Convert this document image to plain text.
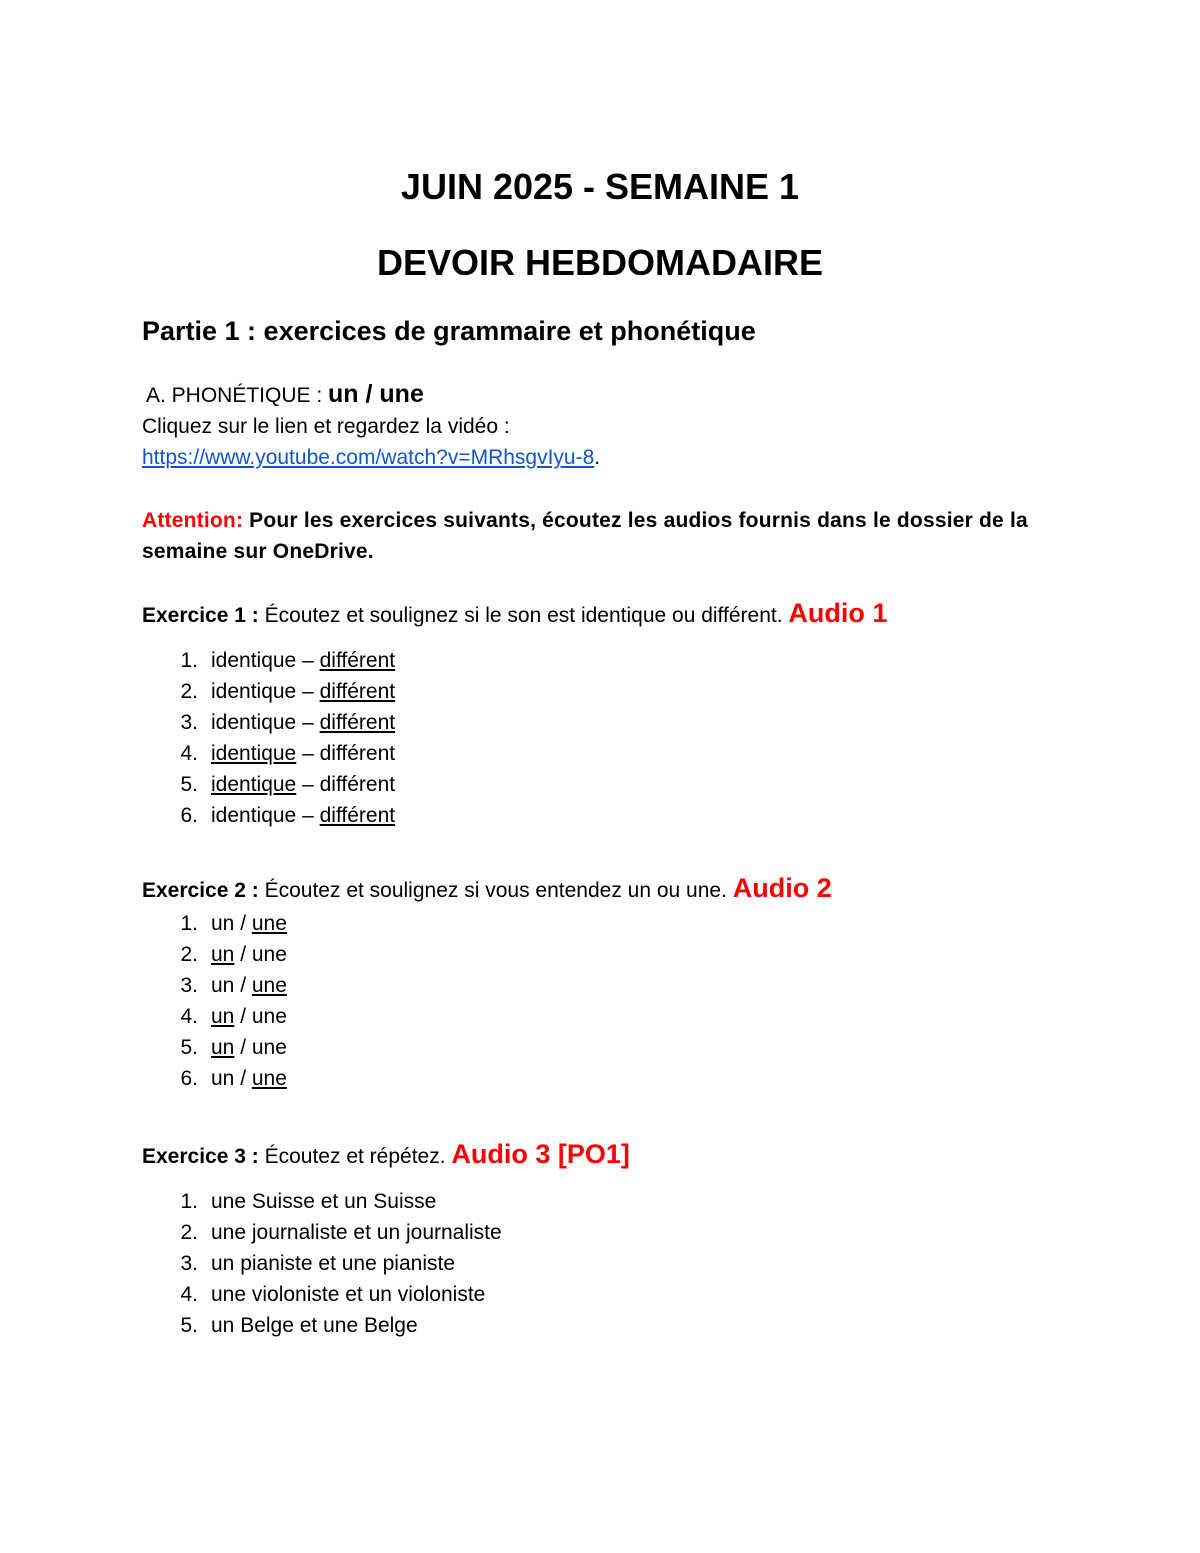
JUIN 2025 - SEMAINE 1
DEVOIR HEBDOMADAIRE
Partie 1 : exercices de grammaire et phonétique
A. PHONÉTIQUE : un / une
Cliquez sur le lien et regardez la vidéo :
https://www.youtube.com/watch?v=MRhsgvIyu-8.
Attention: Pour les exercices suivants, écoutez les audios fournis dans le dossier de la semaine sur OneDrive.
Exercice 1 : Écoutez et soulignez si le son est identique ou différent. Audio 1
1. identique – différent
2. identique – différent
3. identique – différent
4. identique – différent
5. identique – différent
6. identique – différent
Exercice 2 : Écoutez et soulignez si vous entendez un ou une. Audio 2
1. un / une
2. un / une
3. un / une
4. un / une
5. un / une
6. un / une
Exercice 3 : Écoutez et répétez. Audio 3 [PO1]
1. une Suisse et un Suisse
2. une journaliste et un journaliste
3. un pianiste et une pianiste
4. une violoniste et un violoniste
5. un Belge et une Belge
